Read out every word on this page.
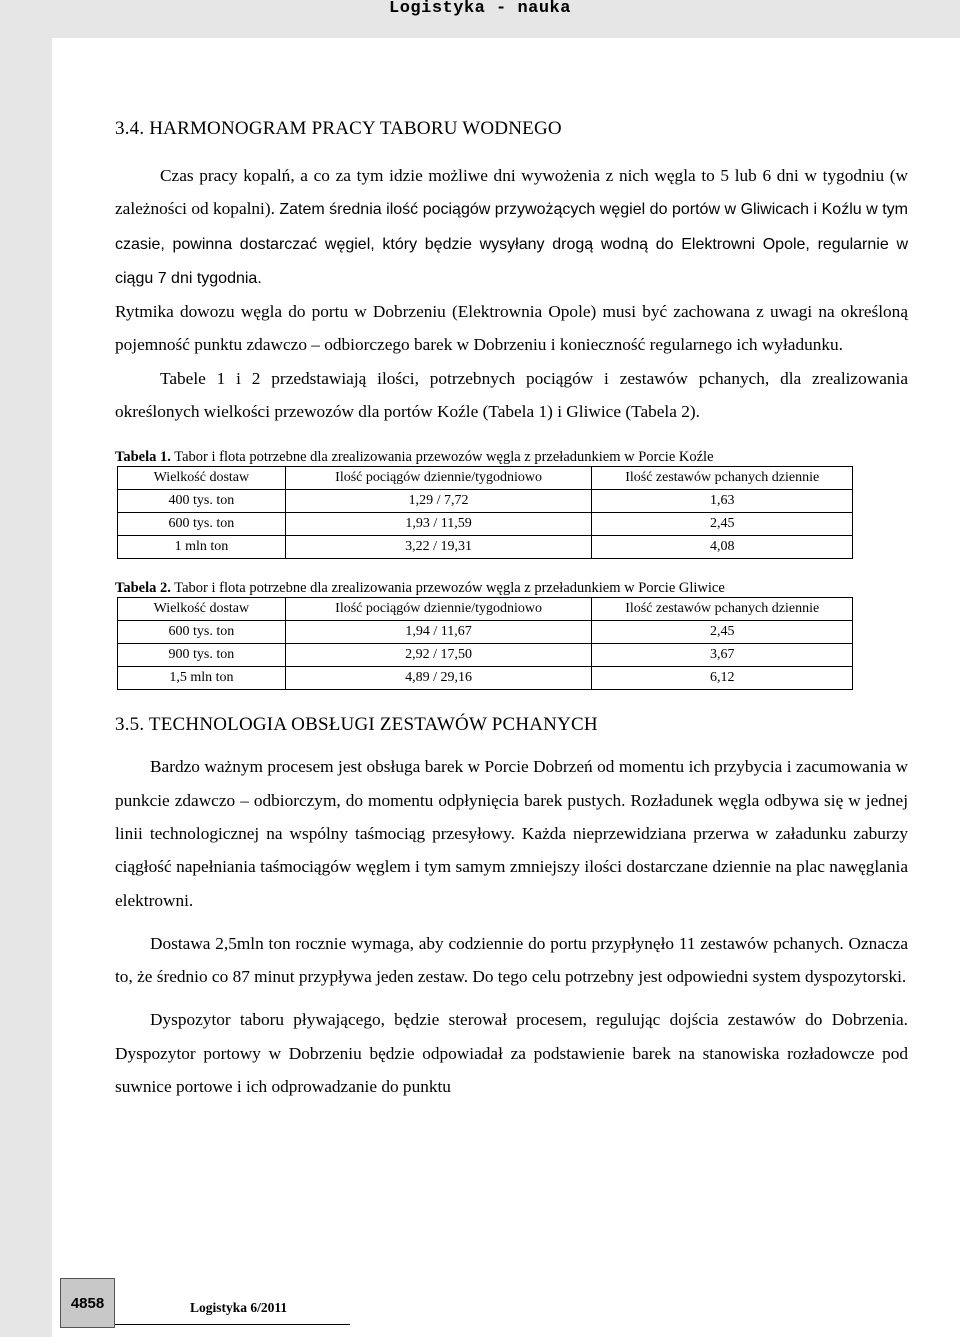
Logistyka - nauka
3.4. HARMONOGRAM PRACY TABORU WODNEGO

Czas pracy kopalń, a co za tym idzie możliwe dni wywożenia z nich węgla to 5 lub 6 dni w tygodniu (w zależności od kopalni). Zatem średnia ilość pociągów przywożących węgiel do portów w Gliwicach i Koźlu w tym czasie, powinna dostarczać węgiel, który będzie wysyłany drogą wodną do Elektrowni Opole, regularnie w ciągu 7 dni tygodnia.

Rytmika dowozu węgla do portu w Dobrzeniu (Elektrownia Opole) musi być zachowana z uwagi na określoną pojemność punktu zdawczo – odbiorczego barek w Dobrzeniu i konieczność regularnego ich wyładunku.

Tabele 1 i 2 przedstawiają ilości, potrzebnych pociągów i zestawów pchanych, dla zrealizowania określonych wielkości przewozów dla portów Koźle (Tabela 1) i Gliwice (Tabela 2).

Tabela 1. Tabor i flota potrzebne dla zrealizowania przewozów węgla z przeładunkiem w Porcie Koźle
Wielkość dostaw	Ilość pociągów dziennie/tygodniowo	Ilość zestawów pchanych dziennie
400 tys. ton	1,29 / 7,72	1,63
600 tys. ton	1,93 / 11,59	2,45
1 mln ton	3,22 / 19,31	4,08
Tabela 2. Tabor i flota potrzebne dla zrealizowania przewozów węgla z przeładunkiem w Porcie Gliwice
Wielkość dostaw	Ilość pociągów dziennie/tygodniowo	Ilość zestawów pchanych dziennie
600 tys. ton	1,94 / 11,67	2,45
900 tys. ton	2,92 / 17,50	3,67
1,5 mln ton	4,89 / 29,16	6,12
3.5. TECHNOLOGIA OBSŁUGI ZESTAWÓW PCHANYCH

Bardzo ważnym procesem jest obsługa barek w Porcie Dobrzeń od momentu ich przybycia i zacumowania w punkcie zdawczo – odbiorczym, do momentu odpłynięcia barek pustych. Rozładunek węgla odbywa się w jednej linii technologicznej na wspólny taśmociąg przesyłowy. Każda nieprzewidziana przerwa w załadunku zaburzy ciągłość napełniania taśmociągów węglem i tym samym zmniejszy ilości dostarczane dziennie na plac nawęglania elektrowni.

Dostawa 2,5mln ton rocznie wymaga, aby codziennie do portu przypłynęło 11 zestawów pchanych. Oznacza to, że średnio co 87 minut przypływa jeden zestaw. Do tego celu potrzebny jest odpowiedni system dyspozytorski.

Dyspozytor taboru pływającego, będzie sterował procesem, regulując dojścia zestawów do Dobrzenia. Dyspozytor portowy w Dobrzeniu będzie odpowiadał za podstawienie barek na stanowiska rozładowcze pod suwnice portowe i ich odprowadzanie do punktu

4858	Logistyka 6/2011
